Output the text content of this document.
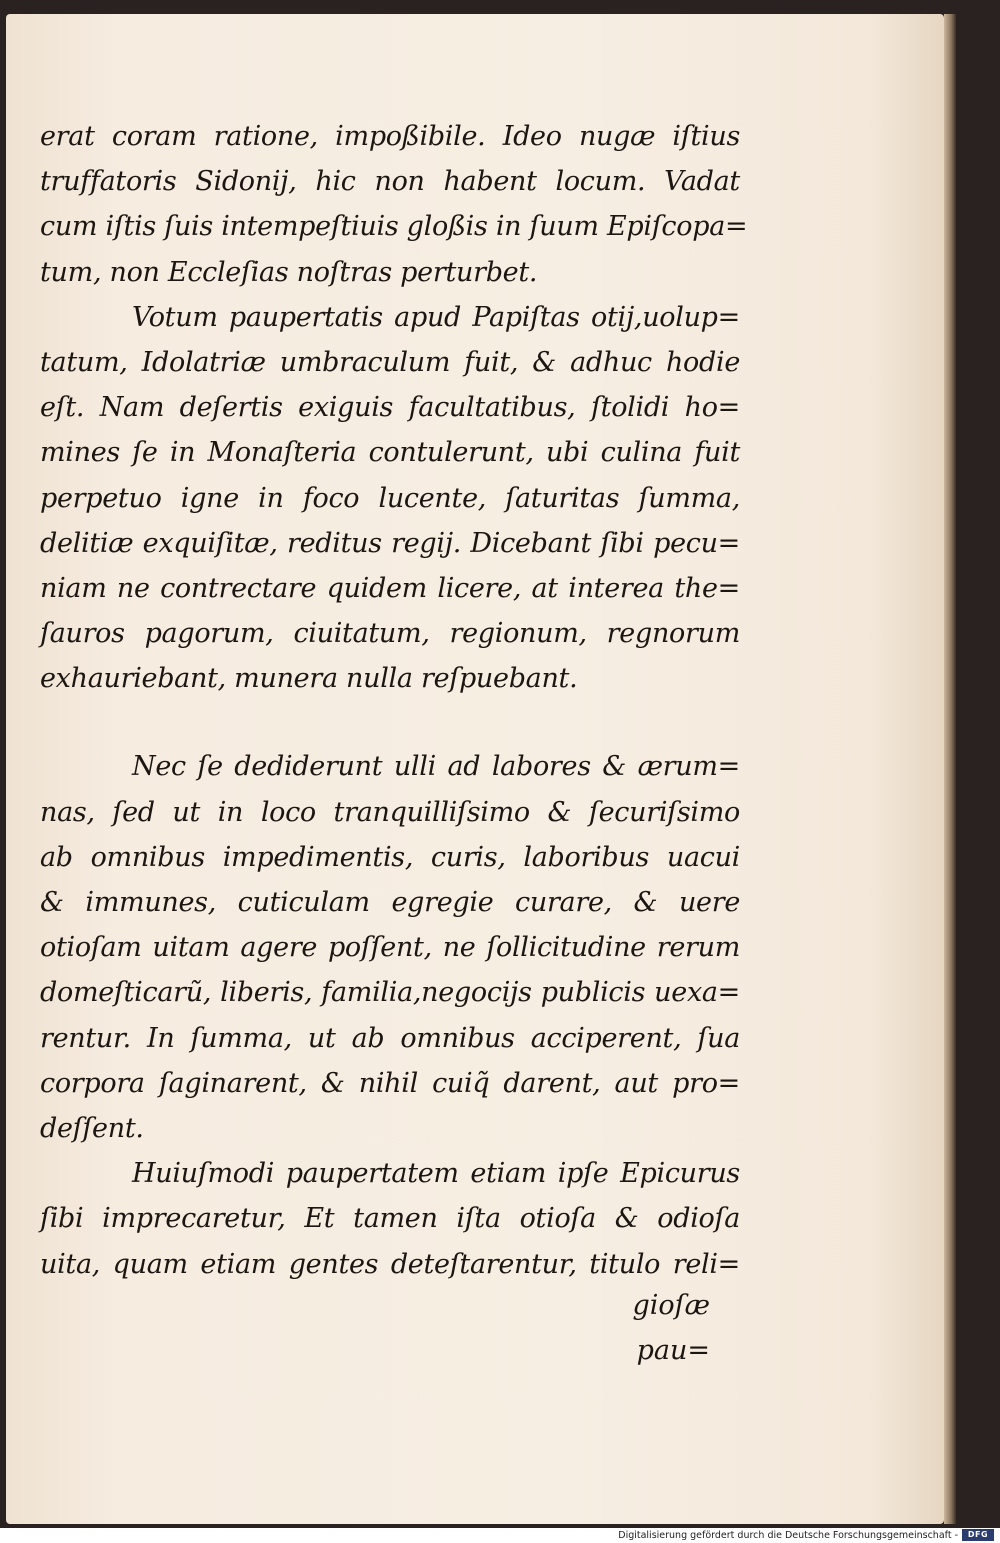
erat coram ratione, impoßibile. Ideo nugæ iſtius
truffatoris Sidonij, hic non habent locum. Vadat
cum iſtis ſuis intempeſtiuis gloßis in ſuum Epiſcopa=
tum, non Eccleſias noſtras perturbet.
Votum paupertatis apud Papiſtas otij,uolup=
tatum, Idolatriæ umbraculum fuit, & adhuc hodie
eſt. Nam deſertis exiguis facultatibus, ſtolidi ho=
mines ſe in Monaſteria contulerunt, ubi culina fuit
perpetuo igne in foco lucente, ſaturitas ſumma,
delitiæ exquiſitæ, reditus regij. Dicebant ſibi pecu=
niam ne contrectare quidem licere, at interea the=
ſauros pagorum, ciuitatum, regionum, regnorum
exhauriebant, munera nulla reſpuebant.
Nec ſe dediderunt ulli ad labores & ærum=
nas, ſed ut in loco tranquilliſsimo & ſecuriſsimo
ab omnibus impedimentis, curis, laboribus uacui
& immunes, cuticulam egregie curare, & uere
otioſam uitam agere poſſent, ne ſollicitudine rerum
domeſticarũ, liberis, familia,negocijs publicis uexa=
rentur. In ſumma, ut ab omnibus acciperent, ſua
corpora ſaginarent, & nihil cuiq̃ darent, aut pro=
deſſent.
Huiuſmodi paupertatem etiam ipſe Epicurus
ſibi imprecaretur, Et tamen iſta otioſa & odioſa
uita, quam etiam gentes deteſtarentur, titulo reli=
gioſæ pau=
Digitalisierung gefördert durch die Deutsche Forschungsgemeinschaft -	DFG
